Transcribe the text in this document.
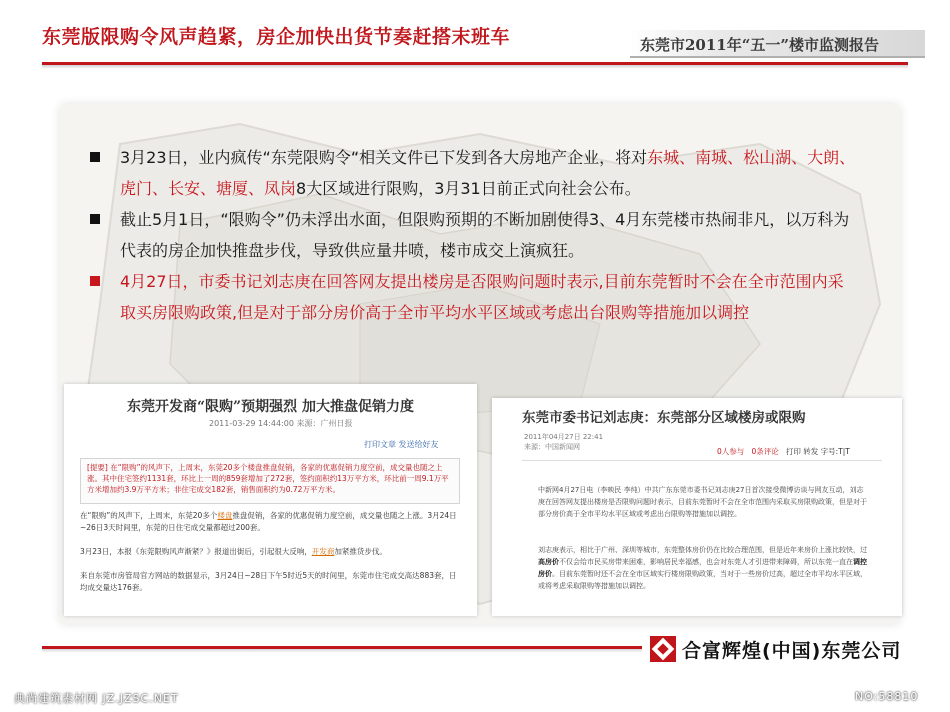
东莞版限购令风声趋紧，房企加快出货节奏赶搭末班车	东莞市2011年“五一”楼市监测报告
3月23日，业内疯传“东莞限购令“相关文件已下发到各大房地产企业，将对东城、南城、松山湖、大朗、虎门、长安、塘厦、凤岗8大区域进行限购，3月31日前正式向社会公布。
截止5月1日，“限购令”仍未浮出水面，但限购预期的不断加剧使得3、4月东莞楼市热闹非凡，以万科为代表的房企加快推盘步伐，导致供应量井喷，楼市成交上演疯狂。
4月27日，市委书记刘志庚在回答网友提出楼房是否限购问题时表示,目前东莞暂时不会在全市范围内采取买房限购政策,但是对于部分房价高于全市平均水平区域或考虑出台限购等措施加以调控
东莞开发商“限购”预期强烈 加大推盘促销力度
2011-03-29 14:44:00 来源：广州日报
打印文章 发送给好友
[提要] 在“限购”的风声下，上周末，东莞20多个楼盘推盘促销，各家的优惠促销力度空前，成交量也随之上涨。其中住宅签约1131套，环比上一周的859套增加了272套，签约面积约13万平方米，环比前一周9.1万平方米增加约3.9万平方米；非住宅成交182套，销售面积约为0.72万平方米。
在“限购”的风声下，上周末，东莞20多个楼盘推盘促销，各家的优惠促销力度空前，成交量也随之上涨。3月24日~26日3天时间里，东莞的日住宅成交量都超过200套。
3月23日，本报《东莞限购风声渐紧？》报道出街后，引起很大反响，开发商加紧推货步伐。
来自东莞市房管局官方网站的数据显示，3月24日~28日下午5时近5天的时间里，东莞市住宅成交高达883套，日均成交量达176套。
东莞市委书记刘志庚：东莞部分区域楼房或限购
2011年04月27日 22:41
来源：中国新闻网	0人参与 0条评论 打印 转发 字号:T|T
中新网4月27日电（李映民 李纯）中共广东东莞市委书记刘志庚27日首次接受微博访谈与网友互动，刘志庚在回答网友提出楼房是否限购问题时表示，目前东莞暂时不会在全市范围内采取买房限购政策，但是对于部分房价高于全市平均水平区域或考虑出台限购等措施加以调控。
刘志庚表示，相比于广州、深圳等城市，东莞整体房价仍在比较合理范围，但是近年来房价上涨比较快，过高房价不仅会给市民买房带来困难，影响居民幸福感，也会对东莞人才引进带来障碍，所以东莞一直在调控房价。目前东莞暂时还不会在全市区域实行楼房限购政策，当对于一些房价过高，超过全市平均水平区域，或将考虑采取限购等措施加以调控。
合富辉煌(中国)东莞公司
典尚建筑素材网 JZ.JZSC.NET	NO:58810
